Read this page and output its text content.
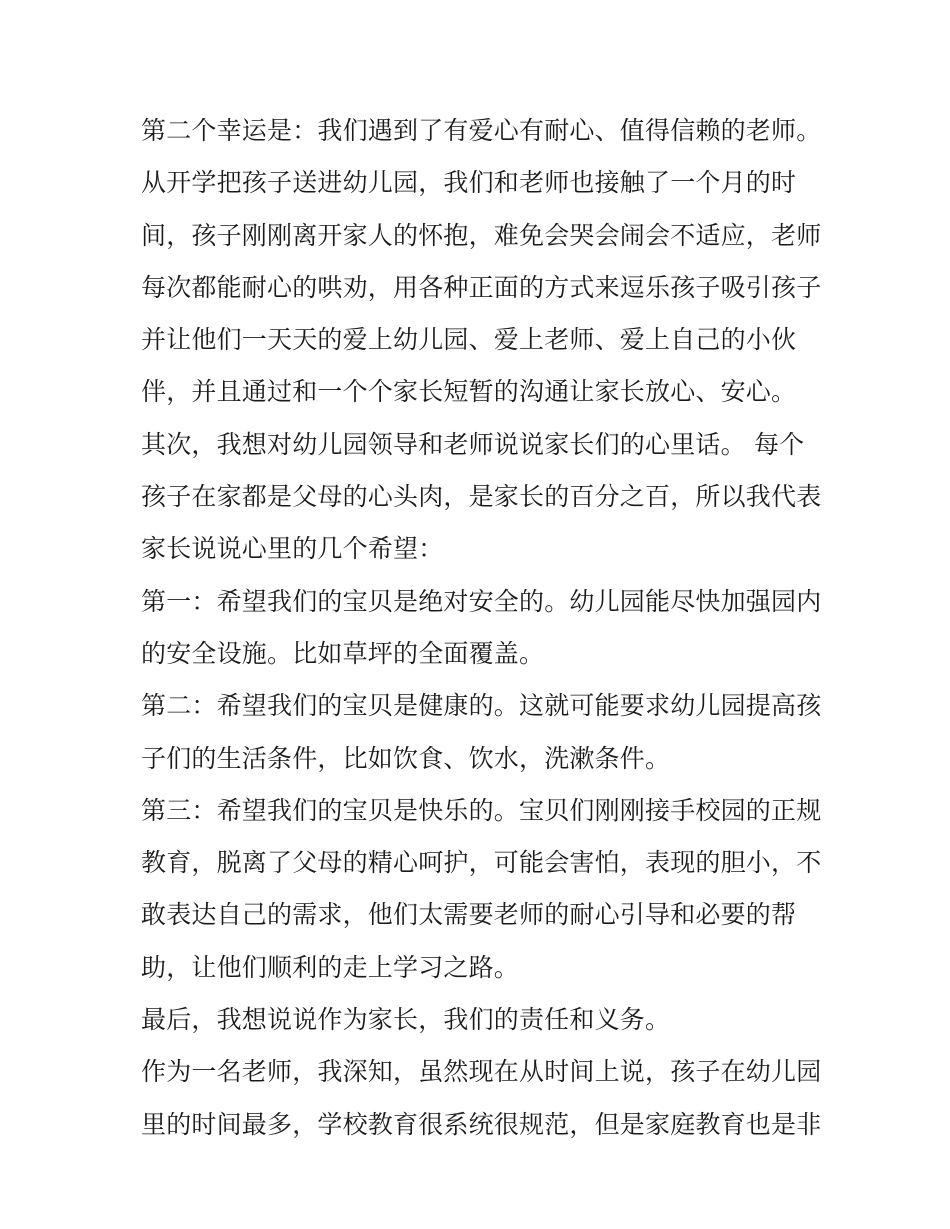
第二个幸运是：我们遇到了有爱心有耐心、值得信赖的老师。
从开学把孩子送进幼儿园，我们和老师也接触了一个月的时
间，孩子刚刚离开家人的怀抱，难免会哭会闹会不适应，老师
每次都能耐心的哄劝，用各种正面的方式来逗乐孩子吸引孩子
并让他们一天天的爱上幼儿园、爱上老师、爱上自己的小伙
伴，并且通过和一个个家长短暂的沟通让家长放心、安心。
其次，我想对幼儿园领导和老师说说家长们的心里话。 每个
孩子在家都是父母的心头肉，是家长的百分之百，所以我代表
家长说说心里的几个希望：
第一：希望我们的宝贝是绝对安全的。幼儿园能尽快加强园内
的安全设施。比如草坪的全面覆盖。
第二：希望我们的宝贝是健康的。这就可能要求幼儿园提高孩
子们的生活条件，比如饮食、饮水，洗漱条件。
第三：希望我们的宝贝是快乐的。宝贝们刚刚接手校园的正规
教育，脱离了父母的精心呵护，可能会害怕，表现的胆小，不
敢表达自己的需求，他们太需要老师的耐心引导和必要的帮
助，让他们顺利的走上学习之路。
最后，我想说说作为家长，我们的责任和义务。
作为一名老师，我深知，虽然现在从时间上说，孩子在幼儿园
里的时间最多，学校教育很系统很规范，但是家庭教育也是非
